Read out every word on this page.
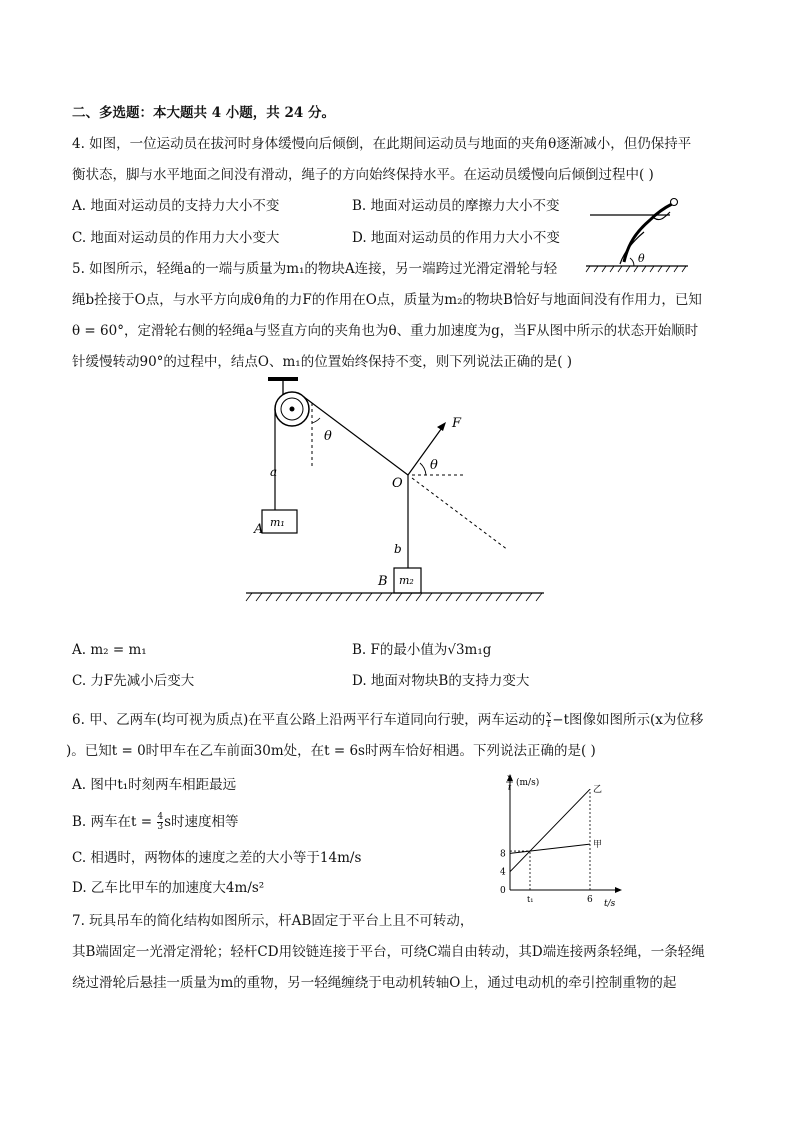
二、多选题：本大题共 4 小题，共 24 分。
4. 如图，一位运动员在拔河时身体缓慢向后倾倒，在此期间运动员与地面的夹角θ逐渐减小，但仍保持平
衡状态，脚与水平地面之间没有滑动，绳子的方向始终保持水平。在运动员缓慢向后倾倒过程中( )
A. 地面对运动员的支持力大小不变	B. 地面对运动员的摩擦力大小不变
C. 地面对运动员的作用力大小变大	D. 地面对运动员的作用力大小不变
θ
5. 如图所示，轻绳a的一端与质量为m₁的物块A连接，另一端跨过光滑定滑轮与轻
绳b拴接于O点，与水平方向成θ角的力F的作用在O点，质量为m₂的物块B恰好与地面间没有作用力，已知
θ = 60°，定滑轮右侧的轻绳a与竖直方向的夹角也为θ、重力加速度为g，当F从图中所示的状态开始顺时
针缓慢转动90°的过程中，结点O、m₁的位置始终保持不变，则下列说法正确的是( )
m₁
A
a
θ
F
θ
O
b
m₂
B
A. m₂ = m₁	B. F的最小值为√3m₁g
C. 力F先减小后变大	D. 地面对物块B的支持力变大
6. 甲、乙两车(均可视为质点)在平直公路上沿两平行车道同向行驶，两车运动的 $\frac{x}{t} -t$图像如图所示(x为位移
)。已知t = 0时甲车在乙车前面30m处，在t = 6s时两车恰好相遇。下列说法正确的是( )
A. 图中t₁时刻两车相距最远
B. 两车在$t = \frac{4}{3}$ s时速度相等
C. 相遇时，两物体的速度之差的大小等于14m/s
D. 乙车比甲车的加速度大4m/s²
x
t (m/s)
t/s
0
4
8
t₁	6
甲
乙
7. 玩具吊车的简化结构如图所示，杆AB固定于平台上且不可转动，
其B端固定一光滑定滑轮；轻杆CD用铰链连接于平台，可绕C端自由转动，其D端连接两条轻绳，一条轻绳
绕过滑轮后悬挂一质量为m的重物，另一轻绳缠绕于电动机转轴O上，通过电动机的牵引控制重物的起
